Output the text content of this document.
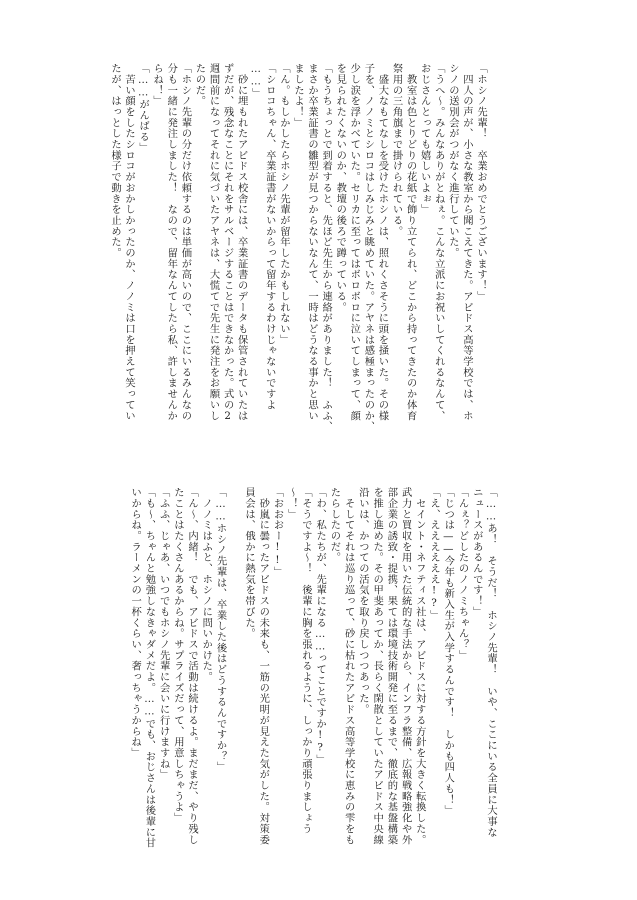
「ホシノ先輩！　卒業おめでとうございます！」

　四人の声が、小さな教室から聞こえてきた。アビドス高等学校では、ホ

シノの送別会がつがなく進行していた。

「うへ〜。みんなありがとねぇ。こんな立派にお祝いしてくれるなんて、

おじさんとっても嬉しいよぉ」

　教室は色とりどりの花紙で飾り立てられ、どこから持ってきたのか体育

祭用の三角旗まで掛けられている。

　盛大なもてなしを受けたホシノは、照れくさそうに頭を掻いた。その様

子を、ノノミとシロコはしみじみと眺めていた。アヤネは感極まったのか、

少し涙を浮かべていた。セリカに至ってはボロボロに泣いてしまって、顔

を見られたくないのか、教壇の後ろで蹲っている。

「もうちょっとで到着すると、先ほど先生から連絡がありました！　ふふ、

まさか卒業証書の雛型が見つからないなんて、一時はどうなる事かと思い

ましたよ！」

「ん。もしかしたらホシノ先輩が留年したかもしれない」

「シロコちゃん、卒業証書がないからって留年するわけじゃないですよ

……」

　砂に埋もれたアビドス校舎には、卒業証書のデータも保管されていたは

ずだが、残念なことにそれをサルベージすることはできなかった。式の2

週間前になってそれに気づいたアヤネは、大慌てで先生に発注をお願いし

たのだ。

「ホシノ先輩の分だけ依頼するのは単価が高いので、ここにいるみんなの

分も一緒に発注しました！　なので、留年なんてしたら私、許しませんか

らね！」

「……がんばる」

　苦い顔をしたシロコがおかしかったのか、ノノミは口を押えて笑ってい

たが、はっとした様子で動きを止めた。

「……あ！　そうだ！　ホシノ先輩！　いや、ここにいる全員に大事な

ニュースがあるんです！」

「んぇ？どしたのノノミちゃん？」

「じつは——今年も新入生が入学するんです！　しかも四人も！」

「え、ええええええ!?」

　セイント・ネフティス社は、アビドスに対する方針を大きく転換した。

武力と買収を用いた伝統的な手法から、インフラ整備、広報戦略強化や外

部企業の誘致・提携、果ては環境技術開発に至るまで、徹底的な基盤構築

を推し進めた。その甲斐あってか、長らく閑散としていたアビドス中央線

沿いは、かつての活気を取り戻しつつあった。

　そしてそれは巡り巡って、砂に枯れたアビドス高等学校に恵みの雫をも

たらしたのだ。

「わ、私たちが、先輩になる……ってことですか!?」

「そうですよ〜！　後輩に胸を張れるように、しっかり頑張りましょう

〜！」

「おおおー!!」

　砂嵐に曇ったアビドスの未来も、一筋の光明が見えた気がした。対策委

員会は、俄かに熱気を帯びた。

「……ホシノ先輩は、卒業した後はどうするんですか？」

　ノノミはふと、ホシノに問いかけた。

「ん〜、内緒！　でも、アビドスで活動は続けるよ。まだまだ、やり残し

たことはたくさんあるからね。サプライズだって、用意しちゃうよ」

「ふふ、じゃあ、いつでもホシノ先輩に会いに行けますね」

「も〜、ちゃんと勉強しなきゃダメだよ。……でも、おじさんは後輩に甘

いからね。ラーメンの一杯くらい、奢っちゃうからね」
